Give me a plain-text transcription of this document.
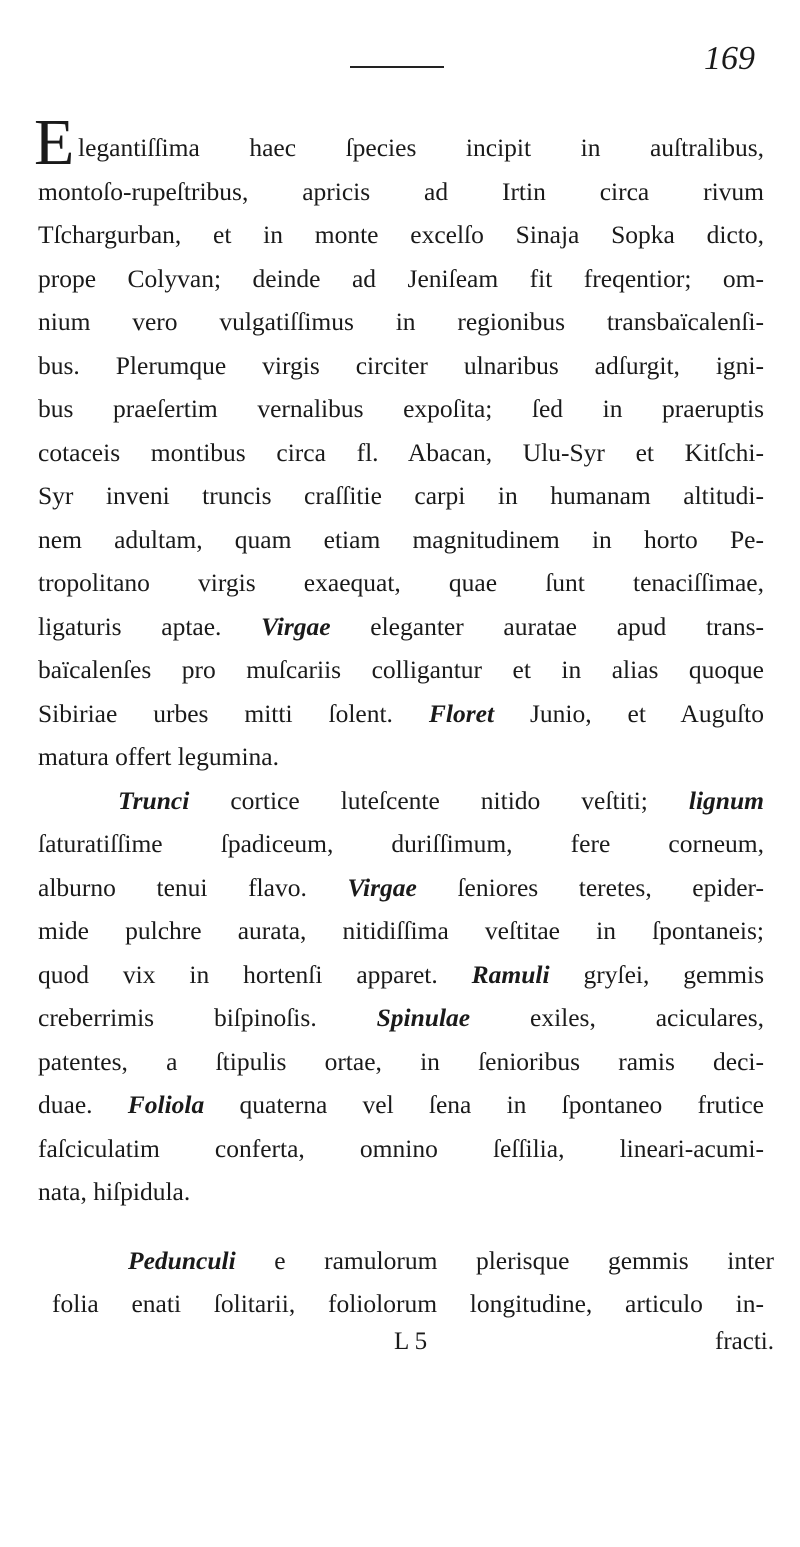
169
E legantiſſima haec ſpecies incipit in auſtralibus,
montoſo-rupeſtribus, apricis ad Irtin circa rivum
Tſchargurban, et in monte excelſo Sinaja Sopka dicto,
prope Colyvan; deinde ad Jeniſeam fit freqentior; om-
nium vero vulgatiſſimus in regionibus transbaïcalenſi-
bus. Plerumque virgis circiter ulnaribus adſurgit, igni-
bus praeſertim vernalibus expoſita; ſed in praeruptis
cotaceis montibus circa fl. Abacan, Ulu-Syr et Kitſchi-
Syr inveni truncis craſſitie carpi in humanam altitudi-
nem adultam, quam etiam magnitudinem in horto Pe-
tropolitano virgis exaequat, quae ſunt tenaciſſimae,
ligaturis aptae. Virgae eleganter auratae apud trans-
baïcalenſes pro muſcariis colligantur et in alias quoque
Sibiriae urbes mitti ſolent. Floret Junio, et Auguſto
matura offert legumina.
Trunci cortice luteſcente nitido veſtiti; lignum
ſaturatiſſime ſpadiceum, duriſſimum, fere corneum,
alburno tenui flavo. Virgae ſeniores teretes, epider-
mide pulchre aurata, nitidiſſima veſtitae in ſpontaneis;
quod vix in hortenſi apparet. Ramuli gryſei, gemmis
creberrimis biſpinoſis. Spinulae exiles, aciculares,
patentes, a ſtipulis ortae, in ſenioribus ramis deci-
duae. Foliola quaterna vel ſena in ſpontaneo frutice
faſciculatim conferta, omnino ſeſſilia, lineari-acumi-
nata, hiſpidula.
Pedunculi e ramulorum plerisque gemmis inter
folia enati ſolitarii, foliolorum longitudine, articulo in-
L 5	fracti.
